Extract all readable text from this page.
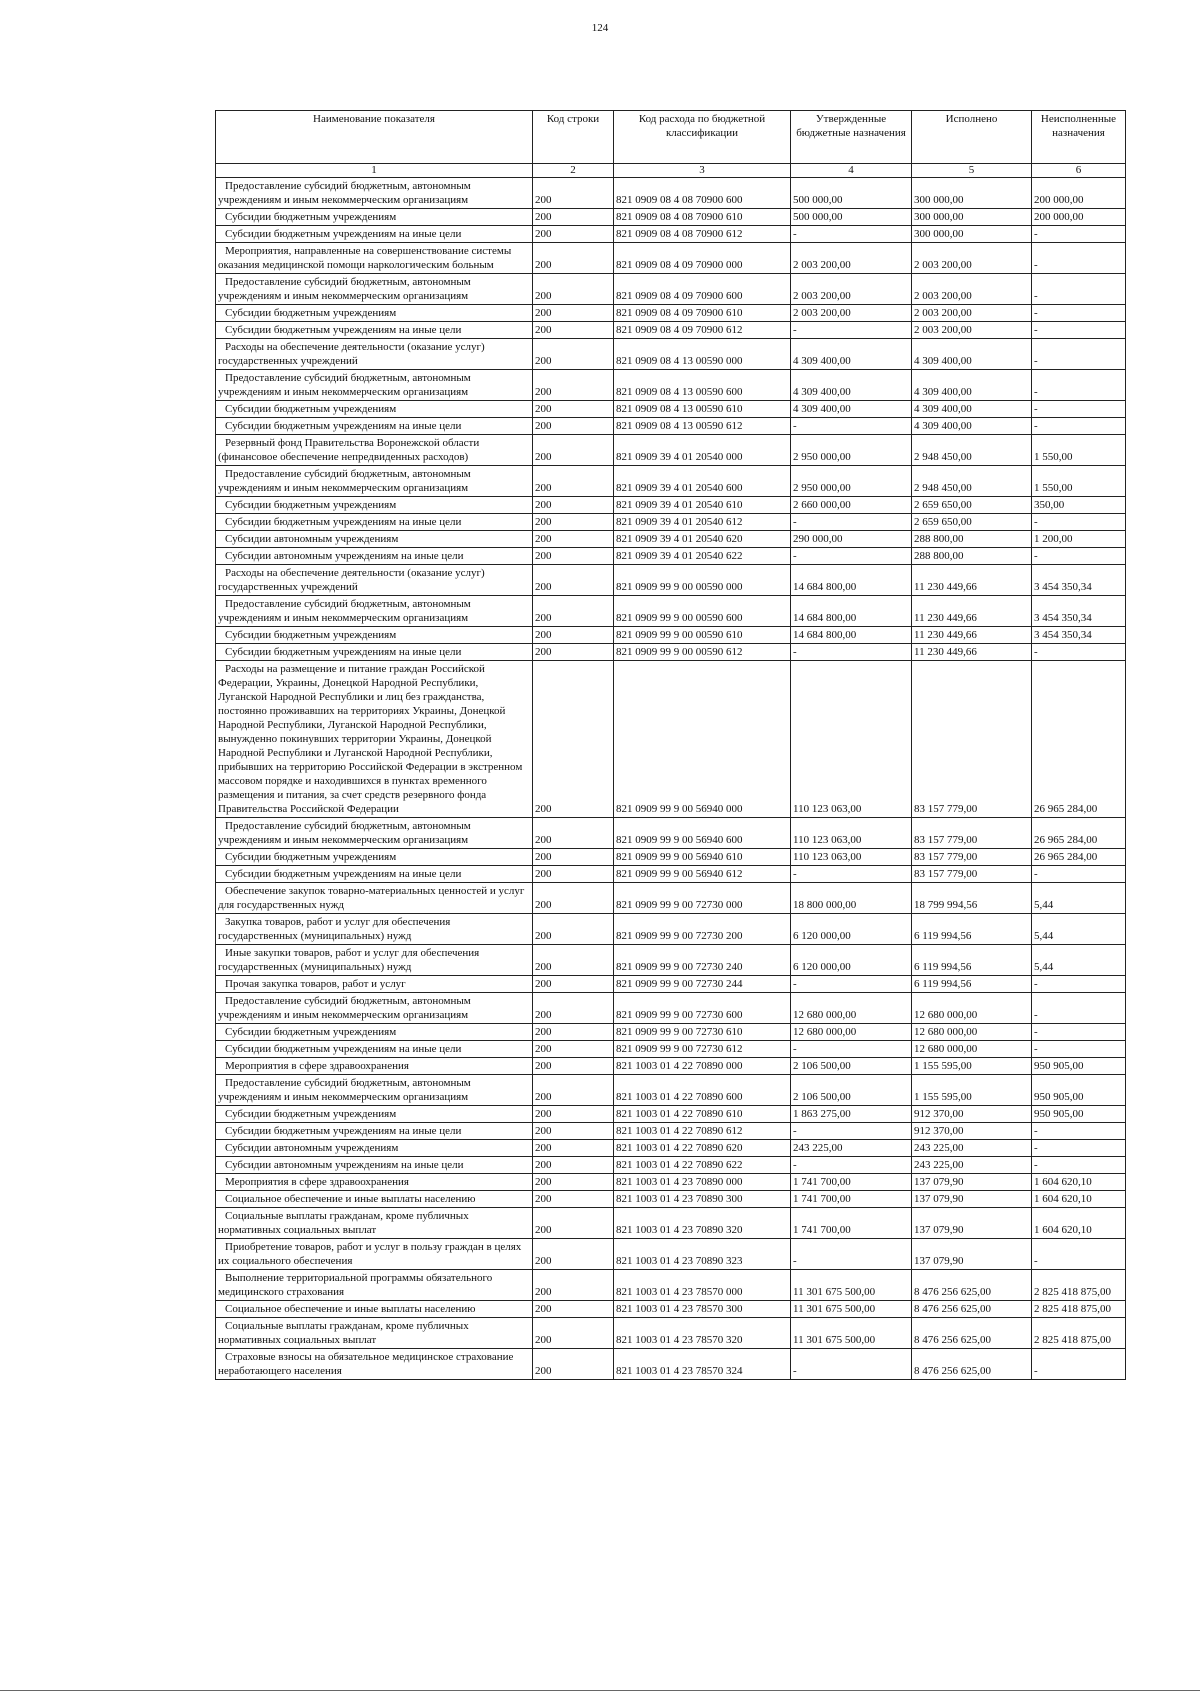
124
Наименование показателя	Код строки	Код расхода по бюджетной классификации	Утвержденные бюджетные назначения	Исполнено	Неисполненные назначения
1	2	3	4	5	6
Предоставление субсидий бюджетным, автономным учреждениям и иным некоммерческим организациям	200	821 0909 08 4 08 70900 600	500 000,00	300 000,00	200 000,00
Субсидии бюджетным учреждениям	200	821 0909 08 4 08 70900 610	500 000,00	300 000,00	200 000,00
Субсидии бюджетным учреждениям на иные цели	200	821 0909 08 4 08 70900 612	-	300 000,00	-
Мероприятия, направленные на совершенствование системы оказания медицинской помощи наркологическим больным	200	821 0909 08 4 09 70900 000	2 003 200,00	2 003 200,00	-
Предоставление субсидий бюджетным, автономным учреждениям и иным некоммерческим организациям	200	821 0909 08 4 09 70900 600	2 003 200,00	2 003 200,00	-
Субсидии бюджетным учреждениям	200	821 0909 08 4 09 70900 610	2 003 200,00	2 003 200,00	-
Субсидии бюджетным учреждениям на иные цели	200	821 0909 08 4 09 70900 612	-	2 003 200,00	-
Расходы на обеспечение деятельности (оказание услуг) государственных учреждений	200	821 0909 08 4 13 00590 000	4 309 400,00	4 309 400,00	-
Предоставление субсидий бюджетным, автономным учреждениям и иным некоммерческим организациям	200	821 0909 08 4 13 00590 600	4 309 400,00	4 309 400,00	-
Субсидии бюджетным учреждениям	200	821 0909 08 4 13 00590 610	4 309 400,00	4 309 400,00	-
Субсидии бюджетным учреждениям на иные цели	200	821 0909 08 4 13 00590 612	-	4 309 400,00	-
Резервный фонд Правительства Воронежской области (финансовое обеспечение непредвиденных расходов)	200	821 0909 39 4 01 20540 000	2 950 000,00	2 948 450,00	1 550,00
Предоставление субсидий бюджетным, автономным учреждениям и иным некоммерческим организациям	200	821 0909 39 4 01 20540 600	2 950 000,00	2 948 450,00	1 550,00
Субсидии бюджетным учреждениям	200	821 0909 39 4 01 20540 610	2 660 000,00	2 659 650,00	350,00
Субсидии бюджетным учреждениям на иные цели	200	821 0909 39 4 01 20540 612	-	2 659 650,00	-
Субсидии автономным учреждениям	200	821 0909 39 4 01 20540 620	290 000,00	288 800,00	1 200,00
Субсидии автономным учреждениям на иные цели	200	821 0909 39 4 01 20540 622	-	288 800,00	-
Расходы на обеспечение деятельности (оказание услуг) государственных учреждений	200	821 0909 99 9 00 00590 000	14 684 800,00	11 230 449,66	3 454 350,34
Предоставление субсидий бюджетным, автономным учреждениям и иным некоммерческим организациям	200	821 0909 99 9 00 00590 600	14 684 800,00	11 230 449,66	3 454 350,34
Субсидии бюджетным учреждениям	200	821 0909 99 9 00 00590 610	14 684 800,00	11 230 449,66	3 454 350,34
Субсидии бюджетным учреждениям на иные цели	200	821 0909 99 9 00 00590 612	-	11 230 449,66	-
Расходы на размещение и питание граждан Российской Федерации, Украины, Донецкой Народной Республики, Луганской Народной Республики и лиц без гражданства, постоянно проживавших на территориях Украины, Донецкой Народной Республики, Луганской Народной Республики, вынужденно покинувших территории Украины, Донецкой Народной Республики и Луганской Народной Республики, прибывших на территорию Российской Федерации в экстренном массовом порядке и находившихся в пунктах временного размещения и питания, за счет средств резервного фонда Правительства Российской Федерации	200	821 0909 99 9 00 56940 000	110 123 063,00	83 157 779,00	26 965 284,00
Предоставление субсидий бюджетным, автономным учреждениям и иным некоммерческим организациям	200	821 0909 99 9 00 56940 600	110 123 063,00	83 157 779,00	26 965 284,00
Субсидии бюджетным учреждениям	200	821 0909 99 9 00 56940 610	110 123 063,00	83 157 779,00	26 965 284,00
Субсидии бюджетным учреждениям на иные цели	200	821 0909 99 9 00 56940 612	-	83 157 779,00	-
Обеспечение закупок товарно-материальных ценностей и услуг для государственных нужд	200	821 0909 99 9 00 72730 000	18 800 000,00	18 799 994,56	5,44
Закупка товаров, работ и услуг для обеспечения государственных (муниципальных) нужд	200	821 0909 99 9 00 72730 200	6 120 000,00	6 119 994,56	5,44
Иные закупки товаров, работ и услуг для обеспечения государственных (муниципальных) нужд	200	821 0909 99 9 00 72730 240	6 120 000,00	6 119 994,56	5,44
Прочая закупка товаров, работ и услуг	200	821 0909 99 9 00 72730 244	-	6 119 994,56	-
Предоставление субсидий бюджетным, автономным учреждениям и иным некоммерческим организациям	200	821 0909 99 9 00 72730 600	12 680 000,00	12 680 000,00	-
Субсидии бюджетным учреждениям	200	821 0909 99 9 00 72730 610	12 680 000,00	12 680 000,00	-
Субсидии бюджетным учреждениям на иные цели	200	821 0909 99 9 00 72730 612	-	12 680 000,00	-
Мероприятия в сфере здравоохранения	200	821 1003 01 4 22 70890 000	2 106 500,00	1 155 595,00	950 905,00
Предоставление субсидий бюджетным, автономным учреждениям и иным некоммерческим организациям	200	821 1003 01 4 22 70890 600	2 106 500,00	1 155 595,00	950 905,00
Субсидии бюджетным учреждениям	200	821 1003 01 4 22 70890 610	1 863 275,00	912 370,00	950 905,00
Субсидии бюджетным учреждениям на иные цели	200	821 1003 01 4 22 70890 612	-	912 370,00	-
Субсидии автономным учреждениям	200	821 1003 01 4 22 70890 620	243 225,00	243 225,00	-
Субсидии автономным учреждениям на иные цели	200	821 1003 01 4 22 70890 622	-	243 225,00	-
Мероприятия в сфере здравоохранения	200	821 1003 01 4 23 70890 000	1 741 700,00	137 079,90	1 604 620,10
Социальное обеспечение и иные выплаты населению	200	821 1003 01 4 23 70890 300	1 741 700,00	137 079,90	1 604 620,10
Социальные выплаты гражданам, кроме публичных нормативных социальных выплат	200	821 1003 01 4 23 70890 320	1 741 700,00	137 079,90	1 604 620,10
Приобретение товаров, работ и услуг в пользу граждан в целях их социального обеспечения	200	821 1003 01 4 23 70890 323	-	137 079,90	-
Выполнение территориальной программы обязательного медицинского страхования	200	821 1003 01 4 23 78570 000	11 301 675 500,00	8 476 256 625,00	2 825 418 875,00
Социальное обеспечение и иные выплаты населению	200	821 1003 01 4 23 78570 300	11 301 675 500,00	8 476 256 625,00	2 825 418 875,00
Социальные выплаты гражданам, кроме публичных нормативных социальных выплат	200	821 1003 01 4 23 78570 320	11 301 675 500,00	8 476 256 625,00	2 825 418 875,00
Страховые взносы на обязательное медицинское страхование неработающего населения	200	821 1003 01 4 23 78570 324	-	8 476 256 625,00	-
